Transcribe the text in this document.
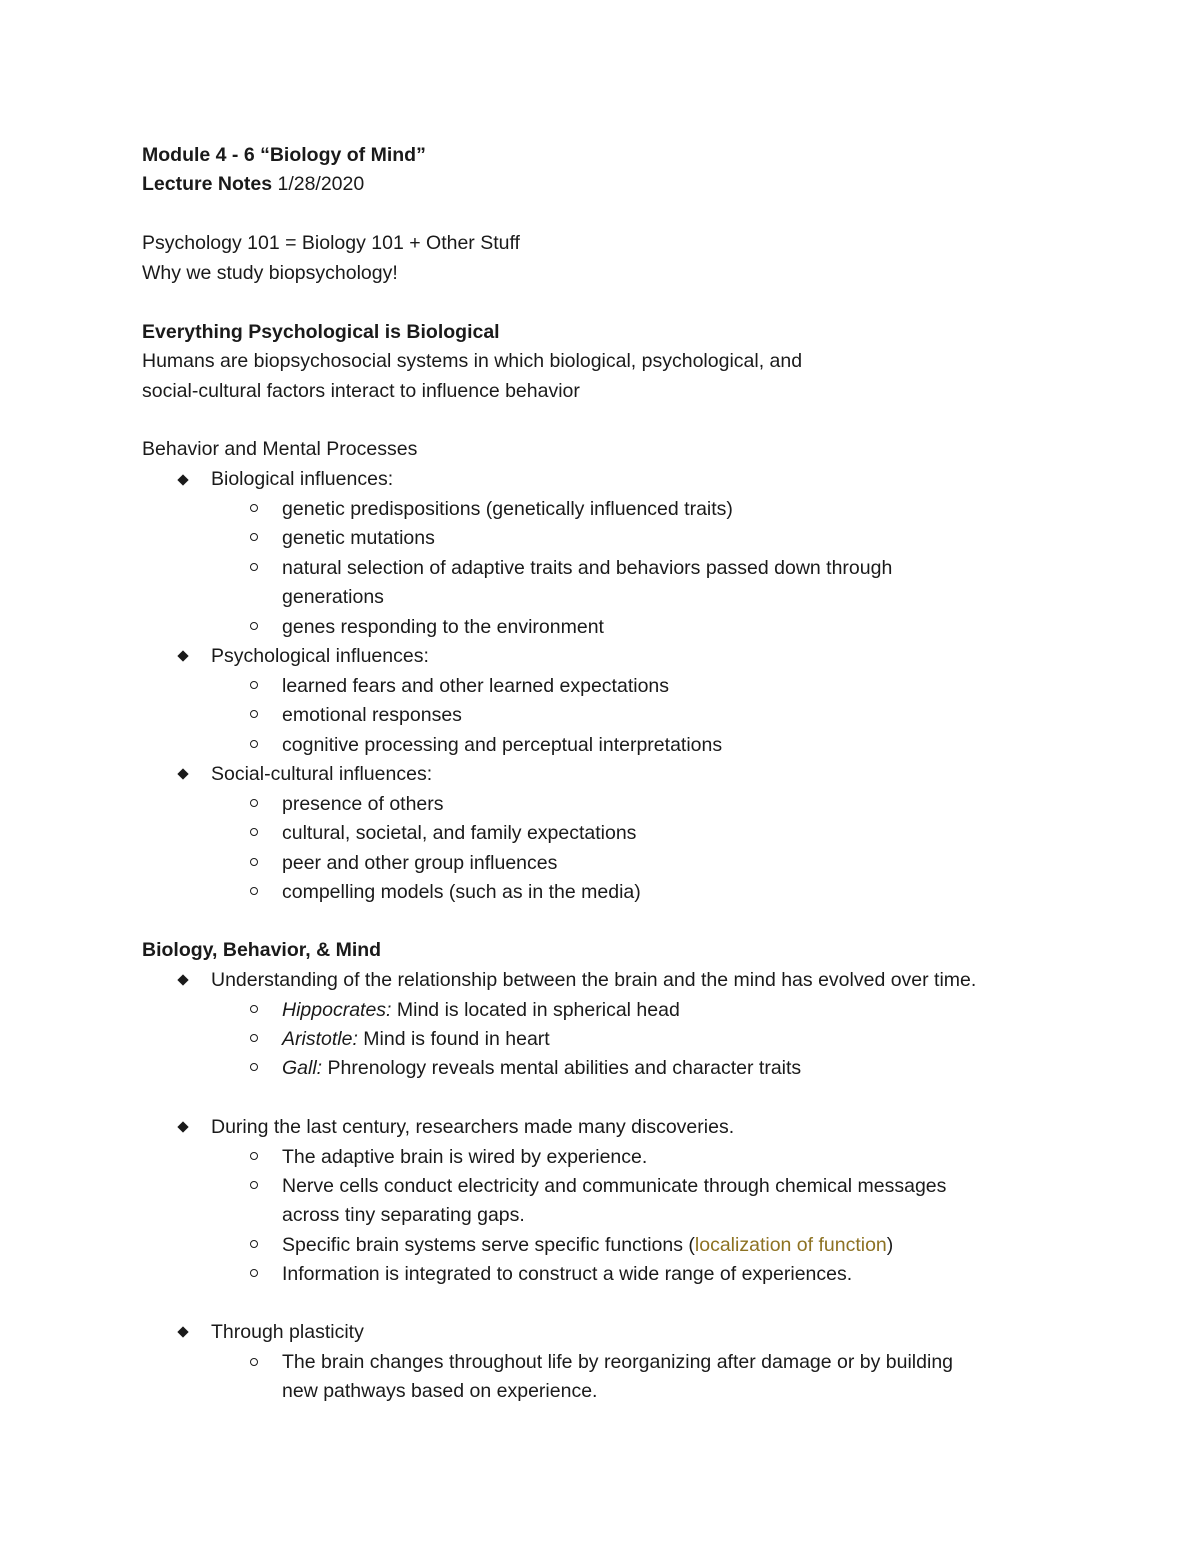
Module 4 - 6 “Biology of Mind”
Lecture Notes 1/28/2020
Psychology 101 = Biology 101 + Other Stuff
Why we study biopsychology!
Everything Psychological is Biological
Humans are biopsychosocial systems in which biological, psychological, and
social-cultural factors interact to influence behavior
Behavior and Mental Processes
Biological influences:
genetic predispositions (genetically influenced traits)
genetic mutations
natural selection of adaptive traits and behaviors passed down through
generations
genes responding to the environment
Psychological influences:
learned fears and other learned expectations
emotional responses
cognitive processing and perceptual interpretations
Social-cultural influences:
presence of others
cultural, societal, and family expectations
peer and other group influences
compelling models (such as in the media)
Biology, Behavior, & Mind
Understanding of the relationship between the brain and the mind has evolved over time.
Hippocrates: Mind is located in spherical head
Aristotle: Mind is found in heart
Gall: Phrenology reveals mental abilities and character traits
During the last century, researchers made many discoveries.
The adaptive brain is wired by experience.
Nerve cells conduct electricity and communicate through chemical messages
across tiny separating gaps.
Specific brain systems serve specific functions (localization of function)
Information is integrated to construct a wide range of experiences.
Through plasticity
The brain changes throughout life by reorganizing after damage or by building
new pathways based on experience.
